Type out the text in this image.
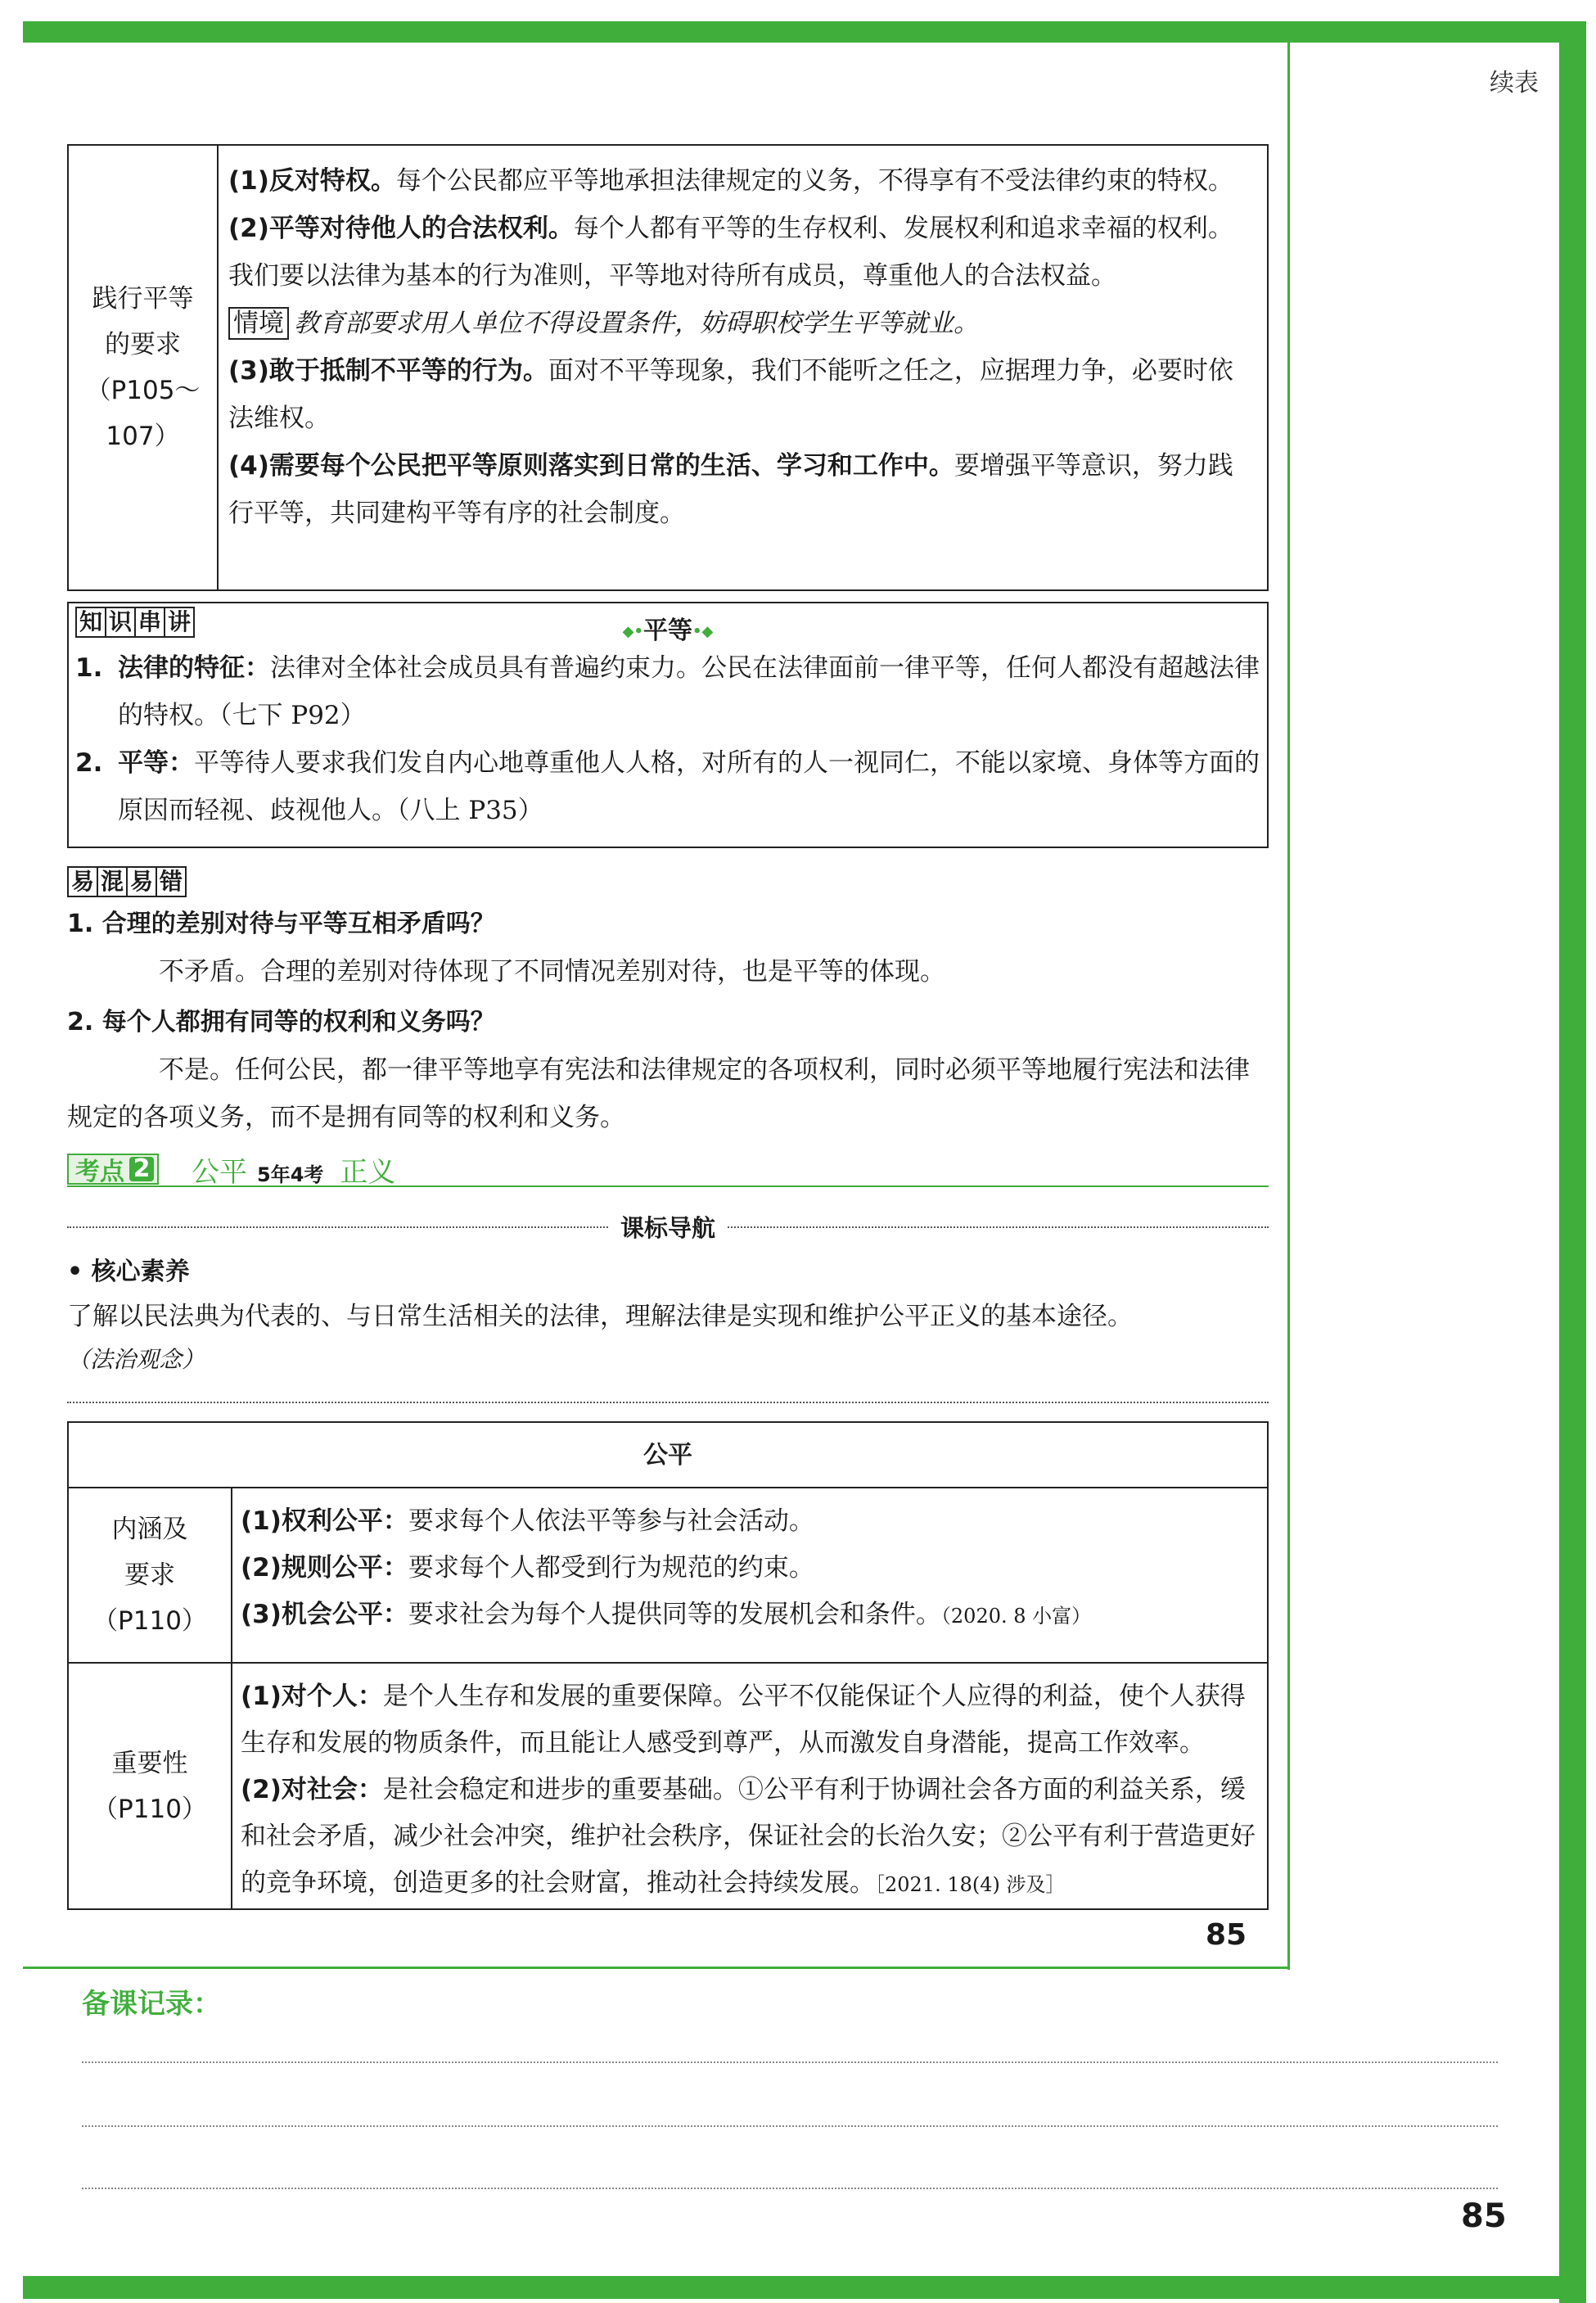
续表
践行平等
的要求
（P105～
107）

(1)反对特权。每个公民都应平等地承担法律规定的义务，不得享有不受法律约束的特权。

(2)平等对待他人的合法权利。每个人都有平等的生存权利、发展权利和追求幸福的权利。我们要以法律为基本的行为准则，平等地对待所有成员，尊重他人的合法权益。

情境 教育部要求用人单位不得设置条件，妨碍职校学生平等就业。

(3)敢于抵制不平等的行为。面对不平等现象，我们不能听之任之，应据理力争，必要时依法维权。

(4)需要每个公民把平等原则落实到日常的生活、学习和工作中。要增强平等意识，努力践行平等，共同建构平等有序的社会制度。

知 识 串 讲	◆•平等•◆
1. 法律的特征：法律对全体社会成员具有普遍约束力。公民在法律面前一律平等，任何人都没有超越法律的特权。（七下 P92）
2. 平等：平等待人要求我们发自内心地尊重他人人格，对所有的人一视同仁，不能以家境、身体等方面的原因而轻视、歧视他人。（八上 P35）
易 混 易 错
1. 合理的差别对待与平等互相矛盾吗？
不矛盾。合理的差别对待体现了不同情况差别对待，也是平等的体现。
2. 每个人都拥有同等的权利和义务吗？
不是。任何公民，都一律平等地享有宪法和法律规定的各项权利，同时必须平等地履行宪法和法律规定的各项义务，而不是拥有同等的权利和义务。
考点 2 公平 5年4考 正义
课标导航
• 核心素养
了解以民法典为代表的、与日常生活相关的法律，理解法律是实现和维护公平正义的基本途径。
（法治观念）
公平
内涵及
要求
（P110）
(1)权利公平：要求每个人依法平等参与社会活动。
(2)规则公平：要求每个人都受到行为规范的约束。
(3)机会公平：要求社会为每个人提供同等的发展机会和条件。（2020. 8 小富）
重要性
（P110）
(1)对个人：是个人生存和发展的重要保障。公平不仅能保证个人应得的利益，使个人获得生存和发展的物质条件，而且能让人感受到尊严，从而激发自身潜能，提高工作效率。
(2)对社会：是社会稳定和进步的重要基础。①公平有利于协调社会各方面的利益关系，缓和社会矛盾，减少社会冲突，维护社会秩序，保证社会的长治久安；②公平有利于营造更好的竞争环境，创造更多的社会财富，推动社会持续发展。［2021. 18(4) 涉及］
85
备课记录：
85
